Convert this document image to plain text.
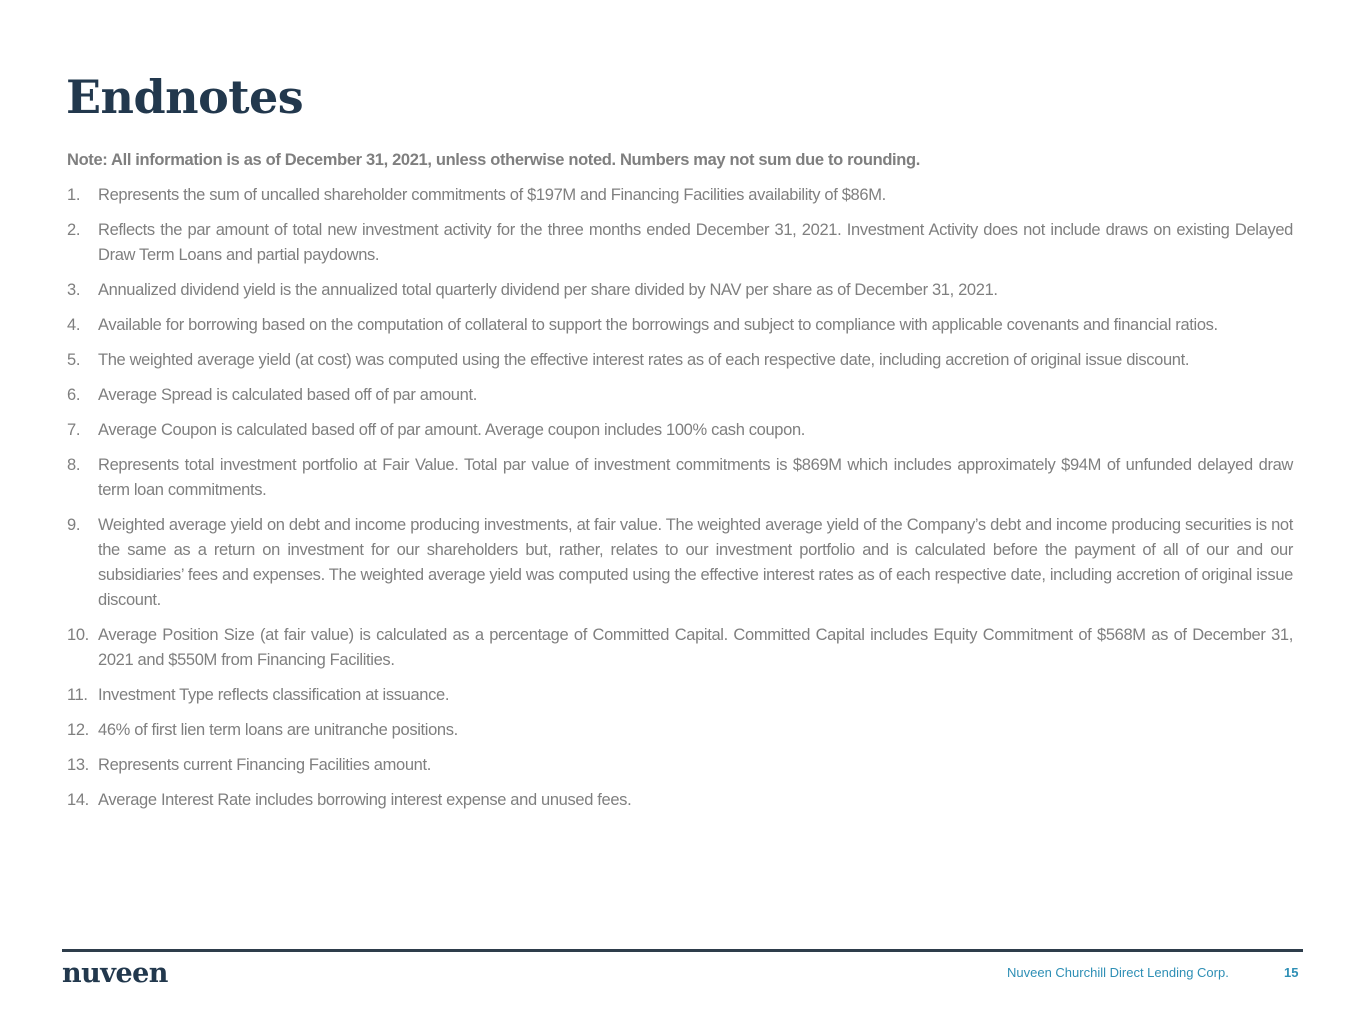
Endnotes

Note: All information is as of December 31, 2021, unless otherwise noted. Numbers may not sum due to rounding.

1.	Represents the sum of uncalled shareholder commitments of $197M and Financing Facilities availability of $86M.
2.	Reflects the par amount of total new investment activity for the three months ended December 31, 2021. Investment Activity does not include draws on existing Delayed Draw Term Loans and partial paydowns.
3.	Annualized dividend yield is the annualized total quarterly dividend per share divided by NAV per share as of December 31, 2021.
4.	Available for borrowing based on the computation of collateral to support the borrowings and subject to compliance with applicable covenants and financial ratios.
5.	The weighted average yield (at cost) was computed using the effective interest rates as of each respective date, including accretion of original issue discount.
6.	Average Spread is calculated based off of par amount.
7.	Average Coupon is calculated based off of par amount. Average coupon includes 100% cash coupon.
8.	Represents total investment portfolio at Fair Value. Total par value of investment commitments is $869M which includes approximately $94M of unfunded delayed draw term loan commitments.
9.	Weighted average yield on debt and income producing investments, at fair value. The weighted average yield of the Company’s debt and income producing securities is not the same as a return on investment for our shareholders but, rather, relates to our investment portfolio and is calculated before the payment of all of our and our subsidiaries’ fees and expenses. The weighted average yield was computed using the effective interest rates as of each respective date, including accretion of original issue discount.
10. Average Position Size (at fair value) is calculated as a percentage of Committed Capital. Committed Capital includes Equity Commitment of $568M as of December 31, 2021 and $550M from Financing Facilities.
11. Investment Type reflects classification at issuance.
12. 46% of first lien term loans are unitranche positions.
13. Represents current Financing Facilities amount.
14. Average Interest Rate includes borrowing interest expense and unused fees.
nuveen	Nuveen Churchill Direct Lending Corp.	15
